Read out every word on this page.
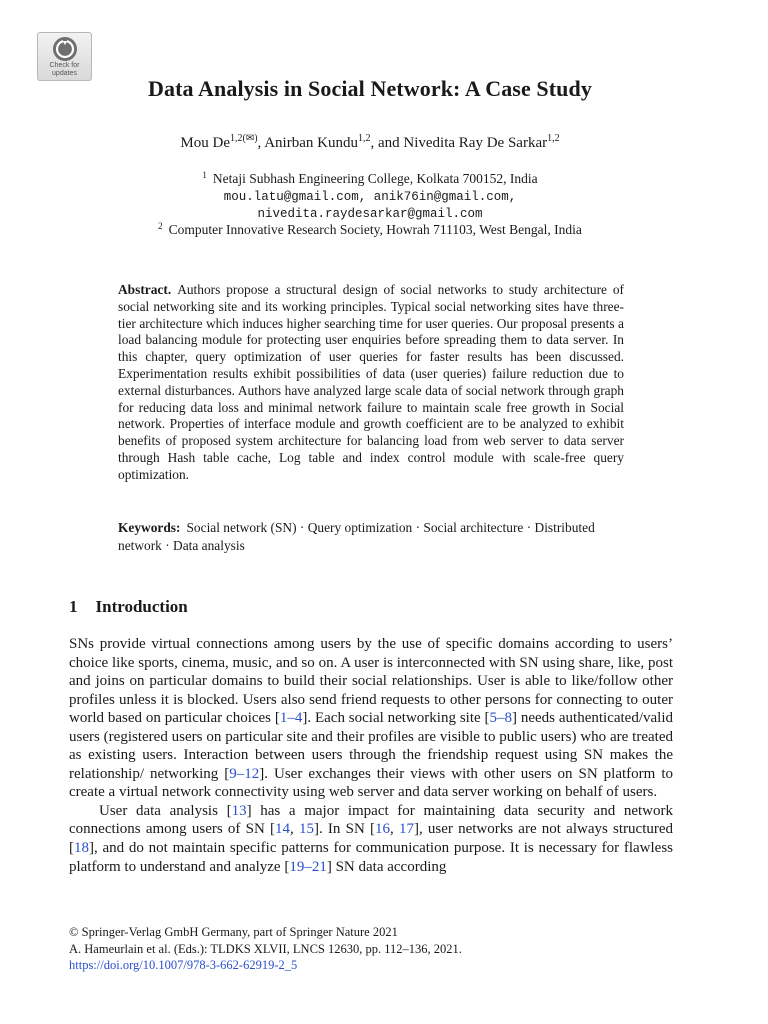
Check for
updates
Data Analysis in Social Network: A Case Study

Mou $De^{1,2(✉)}$, Anirban Kundu$^{1,2}$, and Nivedita Ray De Sarkar$^{1,2}$

$^1$ Netaji Subhash Engineering College, Kolkata 700152, India

mou.latu@gmail.com, anik76in@gmail.com,

nivedita.raydesarkar@gmail.com

$^2$ Computer Innovative Research Society, Howrah 711103, West Bengal, India

Abstract. Authors propose a structural design of social networks to study architecture of social networking site and its working principles. Typical social networking sites have three-tier architecture which induces higher searching time for user queries. Our proposal presents a load balancing module for protecting user enquiries before spreading them to data server. In this chapter, query optimization of user queries for faster results has been discussed. Experimentation results exhibit possibilities of data (user queries) failure reduction due to external disturbances. Authors have analyzed large scale data of social network through graph for reducing data loss and minimal network failure to maintain scale free growth in Social network. Properties of interface module and growth coefficient are to be analyzed to exhibit benefits of proposed system architecture for balancing load from web server to data server through Hash table cache, Log table and index control module with scale-free query optimization.

Keywords: Social network (SN) · Query optimization · Social architecture · Distributed network · Data analysis

1 Introduction

SNs provide virtual connections among users by the use of specific domains according to users’ choice like sports, cinema, music, and so on. A user is interconnected with SN using share, like, post and joins on particular domains to build their social relationships. User is able to like/follow other profiles unless it is blocked. Users also send friend requests to other persons for connecting to outer world based on particular choices [1–4]. Each social networking site [5–8] needs authenticated/valid users (registered users on particular site and their profiles are visible to public users) who are treated as existing users. Interaction between users through the friendship request using SN makes the relationship/ networking [9–12]. User exchanges their views with other users on SN platform to create a virtual network connectivity using web server and data server working on behalf of users.

User data analysis [13] has a major impact for maintaining data security and network connections among users of SN [14, 15]. In SN [16, 17], user networks are not always structured [18], and do not maintain specific patterns for communication purpose. It is necessary for flawless platform to understand and analyze [19–21] SN data according

© Springer-Verlag GmbH Germany, part of Springer Nature 2021
A. Hameurlain et al. (Eds.): TLDKS XLVII, LNCS 12630, pp. 112–136, 2021.
https://doi.org/10.1007/978-3-662-62919-2_5
